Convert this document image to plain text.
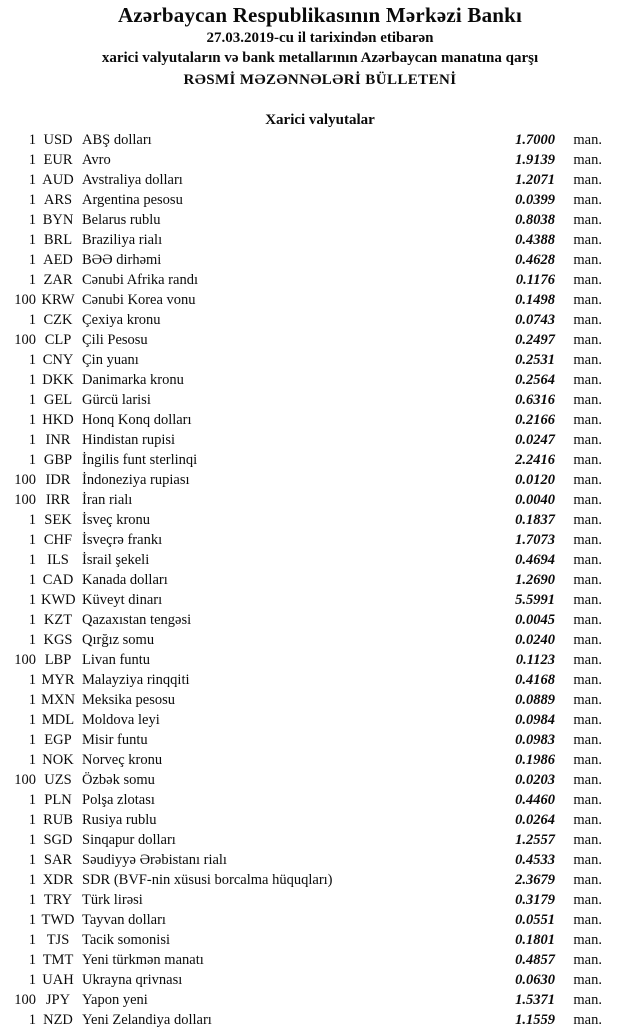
Azərbaycan Respublikasının Mərkəzi Bankı
27.03.2019-cu il tarixindən etibarən
xarici valyutaların və bank metallarının Azərbaycan manatına qarşı
RƏSMİ MƏZƏNNƏLƏRİ BÜLLETENİ
Xarici valyutalar
1 USD ABŞ dolları	1.7000	man.
1 EUR Avro	1.9139	man.
1 AUD Avstraliya dolları	1.2071	man.
1 ARS Argentina pesosu	0.0399	man.
1 BYN Belarus rublu	0.8038	man.
1 BRL Braziliya rialı	0.4388	man.
1 AED BƏƏ dirhəmi	0.4628	man.
1 ZAR Cənubi Afrika randı	0.1176	man.
100 KRW Cənubi Korea vonu	0.1498	man.
1 CZK Çexiya kronu	0.0743	man.
100 CLP Çili Pesosu	0.2497	man.
1 CNY Çin yuanı	0.2531	man.
1 DKK Danimarka kronu	0.2564	man.
1 GEL Gürcü larisi	0.6316	man.
1 HKD Honq Konq dolları	0.2166	man.
1 INR Hindistan rupisi	0.0247	man.
1 GBP İngilis funt sterlinqi	2.2416	man.
100 IDR İndoneziya rupiası	0.0120	man.
100 IRR İran rialı	0.0040	man.
1 SEK İsveç kronu	0.1837	man.
1 CHF İsveçrə frankı	1.7073	man.
1 ILS İsrail şekeli	0.4694	man.
1 CAD Kanada dolları	1.2690	man.
1 KWD Küveyt dinarı	5.5991	man.
1 KZT Qazaxıstan tengəsi	0.0045	man.
1 KGS Qırğız somu	0.0240	man.
100 LBP Livan funtu	0.1123	man.
1 MYR Malayziya rinqqiti	0.4168	man.
1 MXN Meksika pesosu	0.0889	man.
1 MDL Moldova leyi	0.0984	man.
1 EGP Misir funtu	0.0983	man.
1 NOK Norveç kronu	0.1986	man.
100 UZS Özbək somu	0.0203	man.
1 PLN Polşa zlotası	0.4460	man.
1 RUB Rusiya rublu	0.0264	man.
1 SGD Sinqapur dolları	1.2557	man.
1 SAR Səudiyyə Ərəbistanı rialı	0.4533	man.
1 XDR SDR (BVF-nin xüsusi borcalma hüquqları)	2.3679	man.
1 TRY Türk lirəsi	0.3179	man.
1 TWD Tayvan dolları	0.0551	man.
1 TJS Tacik somonisi	0.1801	man.
1 TMT Yeni türkmən manatı	0.4857	man.
1 UAH Ukrayna qrivnası	0.0630	man.
100 JPY Yapon yeni	1.5371	man.
1 NZD Yeni Zelandiya dolları	1.1559	man.
